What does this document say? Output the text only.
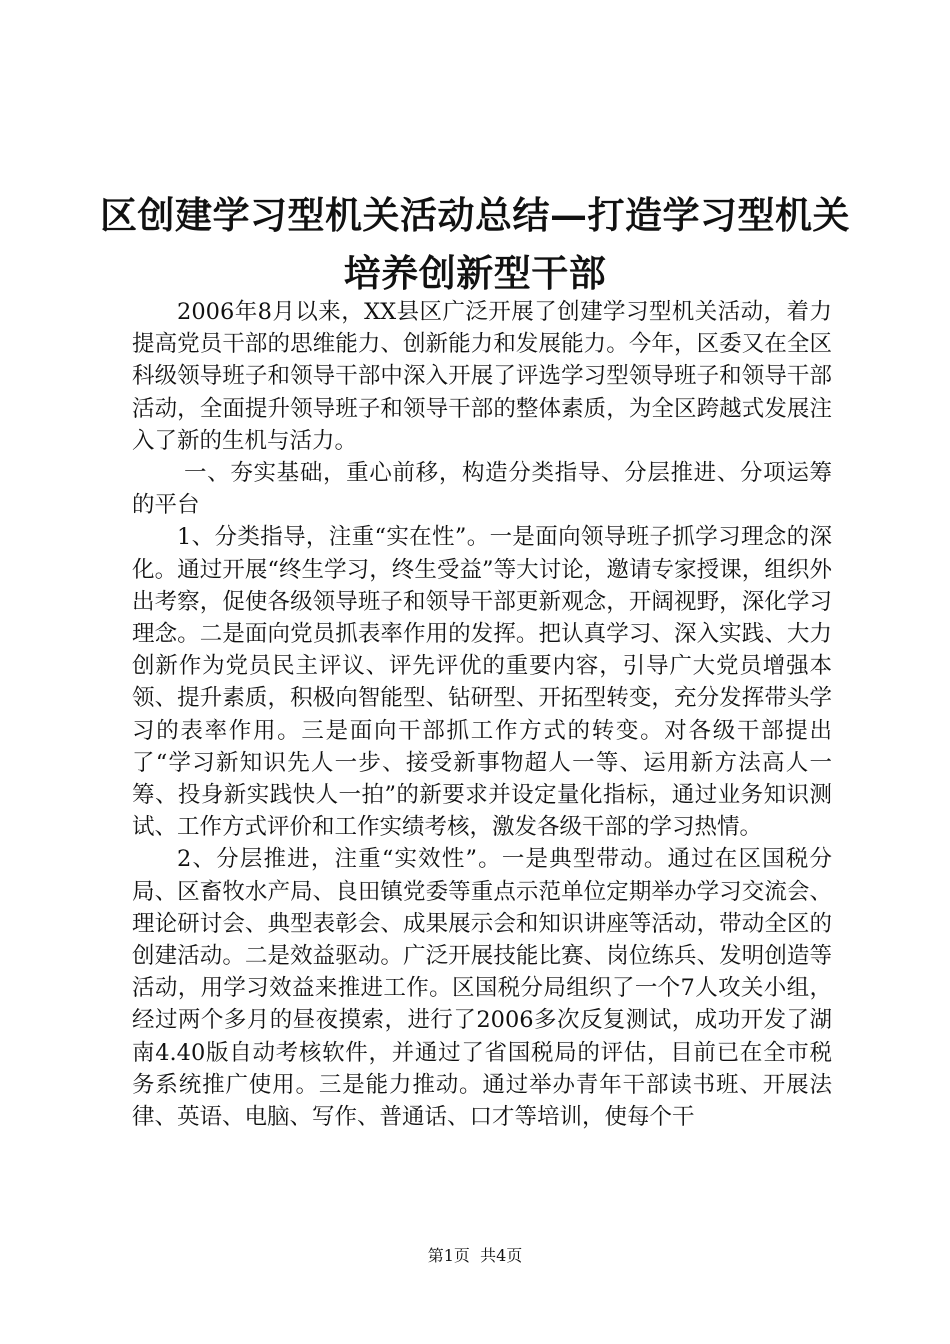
区创建学习型机关活动总结—打造学习型机关
培养创新型干部

2006年8月以来，XX县区广泛开展了创建学习型机关活动，着力提高党员干部的思维能力、创新能力和发展能力。今年，区委又在全区科级领导班子和领导干部中深入开展了评选学习型领导班子和领导干部活动，全面提升领导班子和领导干部的整体素质，为全区跨越式发展注入了新的生机与活力。

一、夯实基础，重心前移，构造分类指导、分层推进、分项运筹的平台

1、分类指导，注重“实在性”。一是面向领导班子抓学习理念的深化。通过开展“终生学习，终生受益”等大讨论，邀请专家授课，组织外出考察，促使各级领导班子和领导干部更新观念，开阔视野，深化学习理念。二是面向党员抓表率作用的发挥。把认真学习、深入实践、大力创新作为党员民主评议、评先评优的重要内容，引导广大党员增强本领、提升素质，积极向智能型、钻研型、开拓型转变，充分发挥带头学习的表率作用。三是面向干部抓工作方式的转变。对各级干部提出了“学习新知识先人一步、接受新事物超人一等、运用新方法高人一筹、投身新实践快人一拍”的新要求并设定量化指标，通过业务知识测试、工作方式评价和工作实绩考核，激发各级干部的学习热情。

2、分层推进，注重“实效性”。一是典型带动。通过在区国税分局、区畜牧水产局、良田镇党委等重点示范单位定期举办学习交流会、理论研讨会、典型表彰会、成果展示会和知识讲座等活动，带动全区的创建活动。二是效益驱动。广泛开展技能比赛、岗位练兵、发明创造等活动，用学习效益来推进工作。区国税分局组织了一个7人攻关小组，经过两个多月的昼夜摸索，进行了2006多次反复测试，成功开发了湖南4.40版自动考核软件，并通过了省国税局的评估，目前已在全市税务系统推广使用。三是能力推动。通过举办青年干部读书班、开展法律、英语、电脑、写作、普通话、口才等培训，使每个干

第1页  共4页
